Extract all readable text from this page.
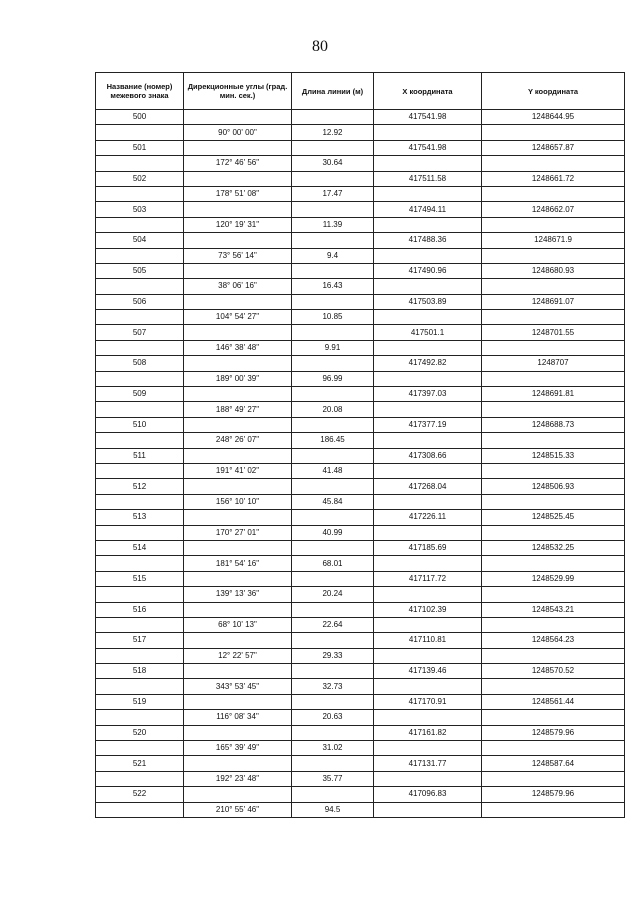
80
Название (номер) межевого знака	Дирекционные углы (град. мин. сек.)	Длина линии (м)	X координата	Y координата
500			417541.98	1248644.95
	90° 00' 00"	12.92		
501			417541.98	1248657.87
	172° 46' 56"	30.64		
502			417511.58	1248661.72
	178° 51' 08"	17.47		
503			417494.11	1248662.07
	120° 19' 31"	11.39		
504			417488.36	1248671.9
	73° 56' 14"	9.4		
505			417490.96	1248680.93
	38° 06' 16"	16.43		
506			417503.89	1248691.07
	104° 54' 27"	10.85		
507			417501.1	1248701.55
	146° 38' 48"	9.91		
508			417492.82	1248707
	189° 00' 39"	96.99		
509			417397.03	1248691.81
	188° 49' 27"	20.08		
510			417377.19	1248688.73
	248° 26' 07"	186.45		
511			417308.66	1248515.33
	191° 41' 02"	41.48		
512			417268.04	1248506.93
	156° 10' 10"	45.84		
513			417226.11	1248525.45
	170° 27' 01"	40.99		
514			417185.69	1248532.25
	181° 54' 16"	68.01		
515			417117.72	1248529.99
	139° 13' 36"	20.24		
516			417102.39	1248543.21
	68° 10' 13"	22.64		
517			417110.81	1248564.23
	12° 22' 57"	29.33		
518			417139.46	1248570.52
	343° 53' 45"	32.73		
519			417170.91	1248561.44
	116° 08' 34"	20.63		
520			417161.82	1248579.96
	165° 39' 49"	31.02		
521			417131.77	1248587.64
	192° 23' 48"	35.77		
522			417096.83	1248579.96
	210° 55' 46"	94.5		
